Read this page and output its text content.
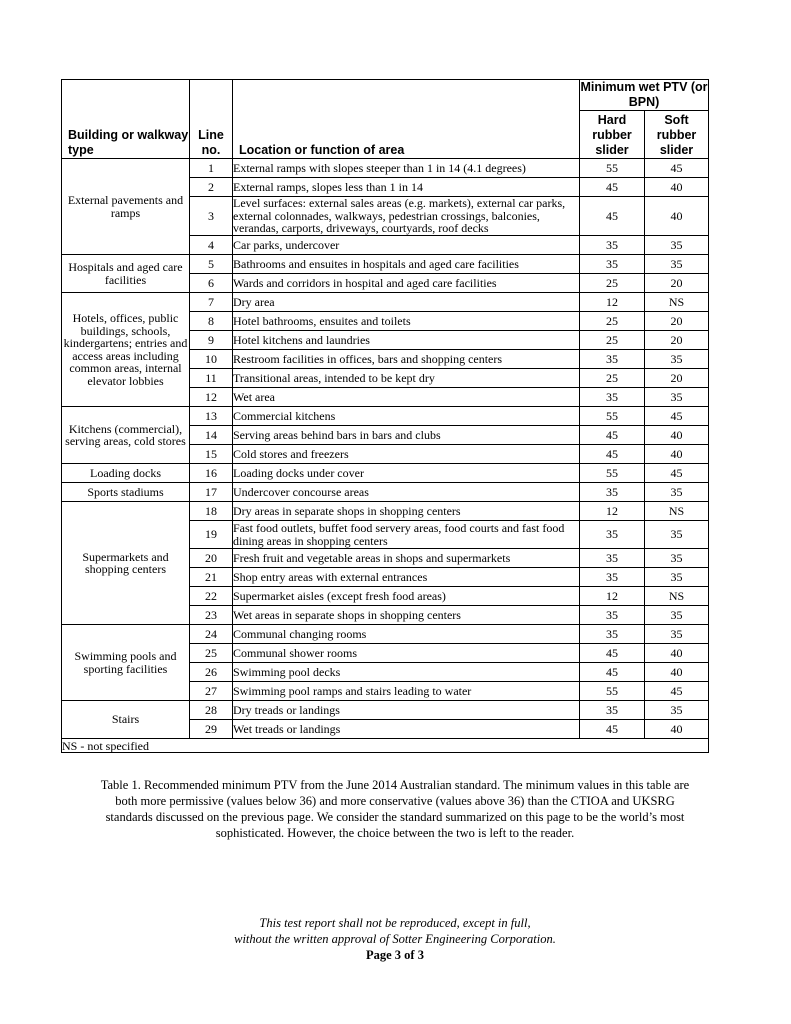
Building or walkway type	Line no.	Location or function of area	Minimum wet PTV (or BPN)	
			Hard rubber slider	Soft rubber slider
External pavements and ramps	1	External ramps with slopes steeper than 1 in 14 (4.1 degrees)	55	45
	2	External ramps, slopes less than 1 in 14	45	40
	3	Level surfaces: external sales areas (e.g. markets), external car parks, external colonnades, walkways, pedestrian crossings, balconies, verandas, carports, driveways, courtyards, roof decks	45	40
	4	Car parks, undercover	35	35
Hospitals and aged care facilities	5	Bathrooms and ensuites in hospitals and aged care facilities	35	35
	6	Wards and corridors in hospital and aged care facilities	25	20
Hotels, offices, public buildings, schools, kindergartens; entries and access areas including common areas, internal elevator lobbies	7	Dry area	12	NS
	8	Hotel bathrooms, ensuites and toilets	25	20
	9	Hotel kitchens and laundries	25	20
	10	Restroom facilities in offices, bars and shopping centers	35	35
	11	Transitional areas, intended to be kept dry	25	20
	12	Wet area	35	35
Kitchens (commercial), serving areas, cold stores	13	Commercial kitchens	55	45
	14	Serving areas behind bars in bars and clubs	45	40
	15	Cold stores and freezers	45	40
Loading docks	16	Loading docks under cover	55	45
Sports stadiums	17	Undercover concourse areas	35	35
Supermarkets and shopping centers	18	Dry areas in separate shops in shopping centers	12	NS
	19	Fast food outlets, buffet food servery areas, food courts and fast food dining areas in shopping centers	35	35
	20	Fresh fruit and vegetable areas in shops and supermarkets	35	35
	21	Shop entry areas with external entrances	35	35
	22	Supermarket aisles (except fresh food areas)	12	NS
	23	Wet areas in separate shops in shopping centers	35	35
Swimming pools and sporting facilities	24	Communal changing rooms	35	35
	25	Communal shower rooms	45	40
	26	Swimming pool decks	45	40
	27	Swimming pool ramps and stairs leading to water	55	45
Stairs	28	Dry treads or landings	35	35
	29	Wet treads or landings	45	40
NS - not specified				
Table 1. Recommended minimum PTV from the June 2014 Australian standard. The minimum values in this table are both more permissive (values below 36) and more conservative (values above 36) than the CTIOA and UKSRG standards discussed on the previous page. We consider the standard summarized on this page to be the world’s most sophisticated. However, the choice between the two is left to the reader.
This test report shall not be reproduced, except in full,
without the written approval of Sotter Engineering Corporation.
Page 3 of 3
